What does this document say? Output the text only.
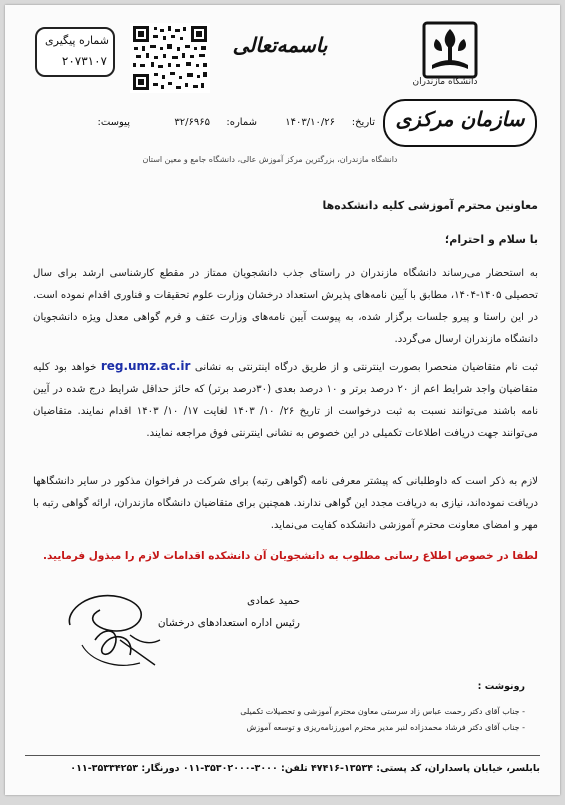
شماره پیگیری
۲۰۷۳۱۰۷
باسمه‌تعالی
دانشگاه مازندران
سازمان مرکزی
تاریخ:
۱۴۰۳/۱۰/۲۶
شماره:
۳۲/۶۹۶۵
پیوست:
دانشگاه مازندران، بزرگترین مرکز آموزش عالی، دانشگاه جامع و معین استان
معاونین محترم آموزشی کلیه دانشکده‌ها
با سلام و احترام؛
به استحضار می‌رساند دانشگاه مازندران در راستای جذب دانشجویان ممتاز در مقطع کارشناسی ارشد برای سال تحصیلی ۱۴۰۵-۱۴۰۴، مطابق با آیین نامه‌های پذیرش استعداد درخشان وزارت علوم تحقیقات و فناوری اقدام نموده است. در این راستا و پیرو جلسات برگزار شده، به پیوست آیین نامه‌های وزارت عتف و فرم گواهی معدل ویژه دانشجویان دانشگاه مازندران ارسال می‌گردد.
ثبت نام متقاضیان منحصرا بصورت اینترنتی و از طریق درگاه اینترنتی به نشانی reg.umz.ac.ir خواهد بود کلیه متقاضیان واجد شرایط اعم از ۲۰ درصد برتر و ۱۰ درصد بعدی (۳۰درصد برتر) که حائز حداقل شرایط درج شده در آیین نامه باشند می‌توانند نسبت به ثبت درخواست از تاریخ ۲۶/ ۱۰/ ۱۴۰۳ لغایت ۱۷/ ۱۰/ ۱۴۰۳ اقدام نمایند. متقاضیان می‌توانند جهت دریافت اطلاعات تکمیلی در این خصوص به نشانی اینترنتی فوق مراجعه نمایند.
لازم به ذکر است که داوطلبانی که پیشتر معرفی نامه (گواهی رتبه) برای شرکت در فراخوان مذکور در سایر دانشگاهها دریافت نموده‌اند، نیازی به دریافت مجدد این گواهی ندارند. همچنین برای متقاضیان دانشگاه مازندران، ارائه گواهی رتبه با مهر و امضای معاونت محترم آموزشی دانشکده کفایت می‌نماید.
لطفا در خصوص اطلاع رسانی مطلوب به دانشجویان آن دانشکده اقدامات لازم را مبذول فرمایید.
حمید عمادی
رئیس اداره استعدادهای درخشان
رونوشت :
- جناب آقای دکتر رحمت عباس زاد سرستی معاون محترم آموزشی و تحصیلات تکمیلی
- جناب آقای دکتر فرشاد محمدزاده لنبر مدیر محترم امورزنامه‌ریزی و توسعه آموزش
بابلسر، خیابان پاسداران، کد پستی: ۱۳۵۳۴-۴۷۴۱۶ تلفن: ۳۰۰۰-۳۵۳۰۲۰۰۰-۰۱۱ دورنگار: ۳۵۳۳۴۲۵۳-۰۱۱
